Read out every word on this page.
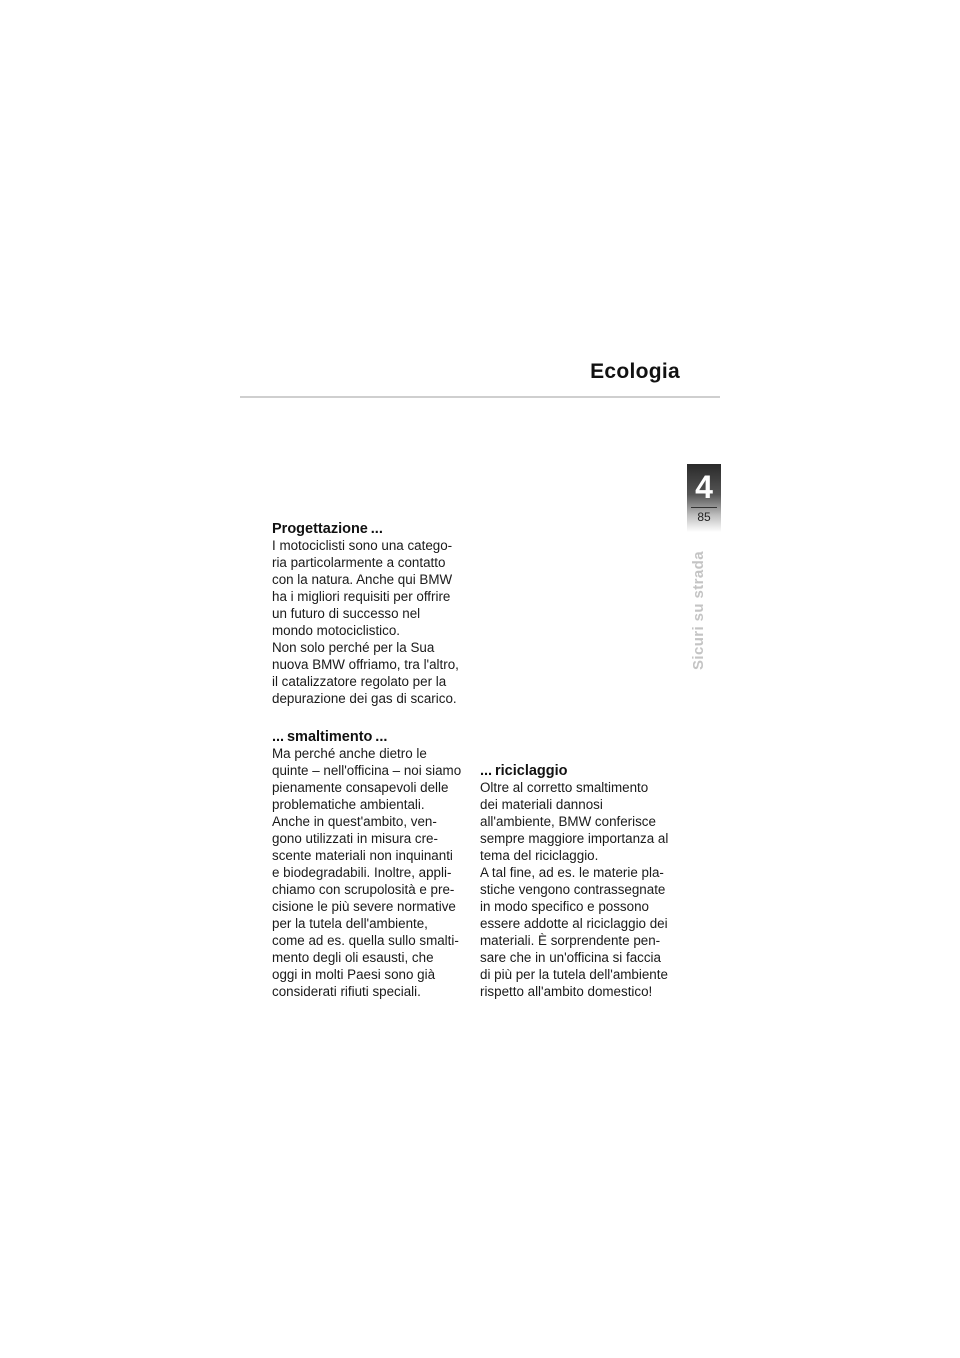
Ecologia
4
85
Sicuri su strada
Progettazione ...

I motociclisti sono una catego-
ria particolarmente a contatto
con la natura. Anche qui BMW
ha i migliori requisiti per offrire
un futuro di successo nel
mondo motociclistico.
Non solo perché per la Sua
nuova BMW offriamo, tra l'altro,
il catalizzatore regolato per la
depurazione dei gas di scarico.

... smaltimento ...

Ma perché anche dietro le
quinte – nell'officina – noi siamo
pienamente consapevoli delle
problematiche ambientali.
Anche in quest'ambito, ven-
gono utilizzati in misura cre-
scente materiali non inquinanti
e biodegradabili. Inoltre, appli-
chiamo con scrupolosità e pre-
cisione le più severe normative
per la tutela dell'ambiente,
come ad es. quella sullo smalti-
mento degli oli esausti, che
oggi in molti Paesi sono già
considerati rifiuti speciali.

... riciclaggio

Oltre al corretto smaltimento
dei materiali dannosi
all'ambiente, BMW conferisce
sempre maggiore importanza al
tema del riciclaggio.
A tal fine, ad es. le materie pla-
stiche vengono contrassegnate
in modo specifico e possono
essere addotte al riciclaggio dei
materiali. È sorprendente pen-
sare che in un'officina si faccia
di più per la tutela dell'ambiente
rispetto all'ambito domestico!
